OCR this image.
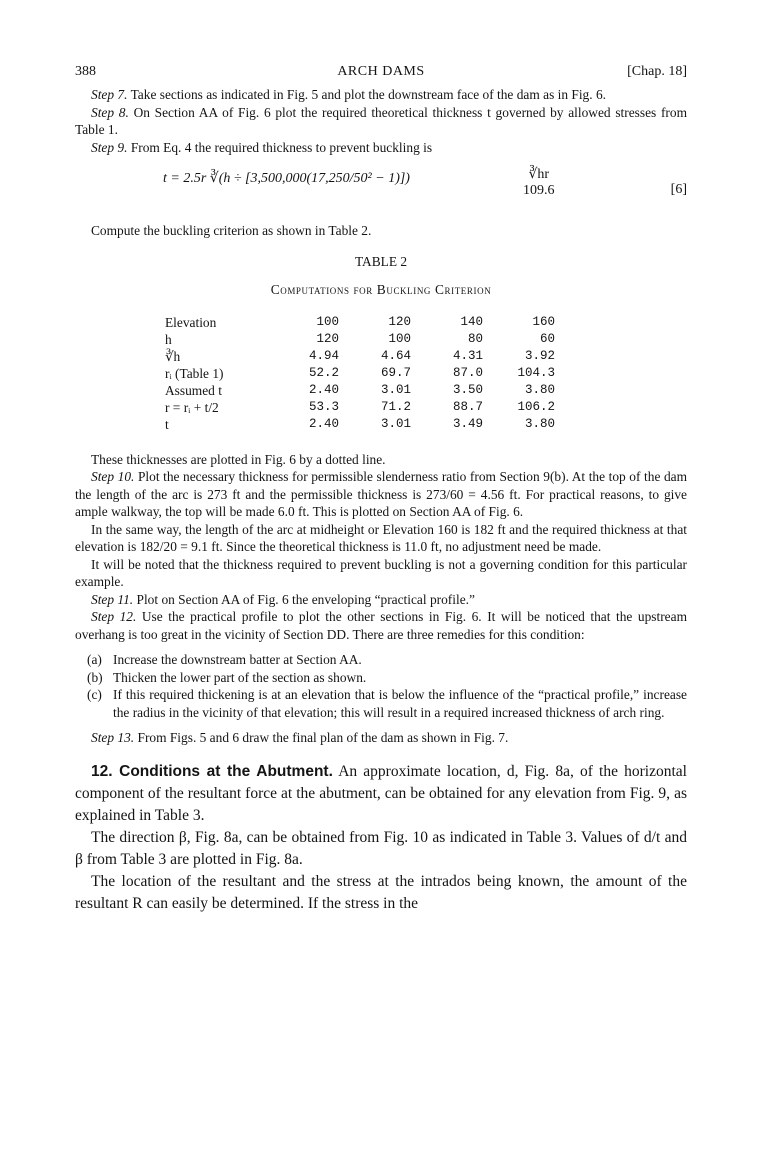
388	ARCH DAMS	[Chap. 18]

Step 7. Take sections as indicated in Fig. 5 and plot the downstream face of the dam as in Fig. 6.

Step 8. On Section AA of Fig. 6 plot the required theoretical thickness t governed by allowed stresses from Table 1.

Step 9. From Eq. 4 the required thickness to prevent buckling is

t = 2.5r ∛(h ÷ [3,500,000(17,250/50² − 1)])	∛hr
109.6	[6]

Compute the buckling criterion as shown in Table 2.

TABLE 2
Computations for Buckling Criterion
Elevation	100	120	140	160
h	120	100	80	60
∛h	4.94	4.64	4.31	3.92
rᵢ (Table 1)	52.2	69.7	87.0	104.3
Assumed t	2.40	3.01	3.50	3.80
r = rᵢ + t/2	53.3	71.2	88.7	106.2
t	2.40	3.01	3.49	3.80

These thicknesses are plotted in Fig. 6 by a dotted line.

Step 10. Plot the necessary thickness for permissible slenderness ratio from Section 9(b). At the top of the dam the length of the arc is 273 ft and the permissible thickness is 273/60 = 4.56 ft. For practical reasons, to give ample walkway, the top will be made 6.0 ft. This is plotted on Section AA of Fig. 6.

In the same way, the length of the arc at midheight or Elevation 160 is 182 ft and the required thickness at that elevation is 182/20 = 9.1 ft. Since the theoretical thickness is 11.0 ft, no adjustment need be made.

It will be noted that the thickness required to prevent buckling is not a governing condition for this particular example.

Step 11. Plot on Section AA of Fig. 6 the enveloping “practical profile.”

Step 12. Use the practical profile to plot the other sections in Fig. 6. It will be noticed that the upstream overhang is too great in the vicinity of Section DD. There are three remedies for this condition:

(a) Increase the downstream batter at Section AA.
(b) Thicken the lower part of the section as shown.
(c) If this required thickening is at an elevation that is below the influence of the “practical profile,” increase the radius in the vicinity of that elevation; this will result in a required increased thickness of arch ring.

Step 13. From Figs. 5 and 6 draw the final plan of the dam as shown in Fig. 7.

12. Conditions at the Abutment. An approximate location, d, Fig. 8a, of the horizontal component of the resultant force at the abutment, can be obtained for any elevation from Fig. 9, as explained in Table 3.

The direction β, Fig. 8a, can be obtained from Fig. 10 as indicated in Table 3. Values of d/t and β from Table 3 are plotted in Fig. 8a.

The location of the resultant and the stress at the intrados being known, the amount of the resultant R can easily be determined. If the stress in the
